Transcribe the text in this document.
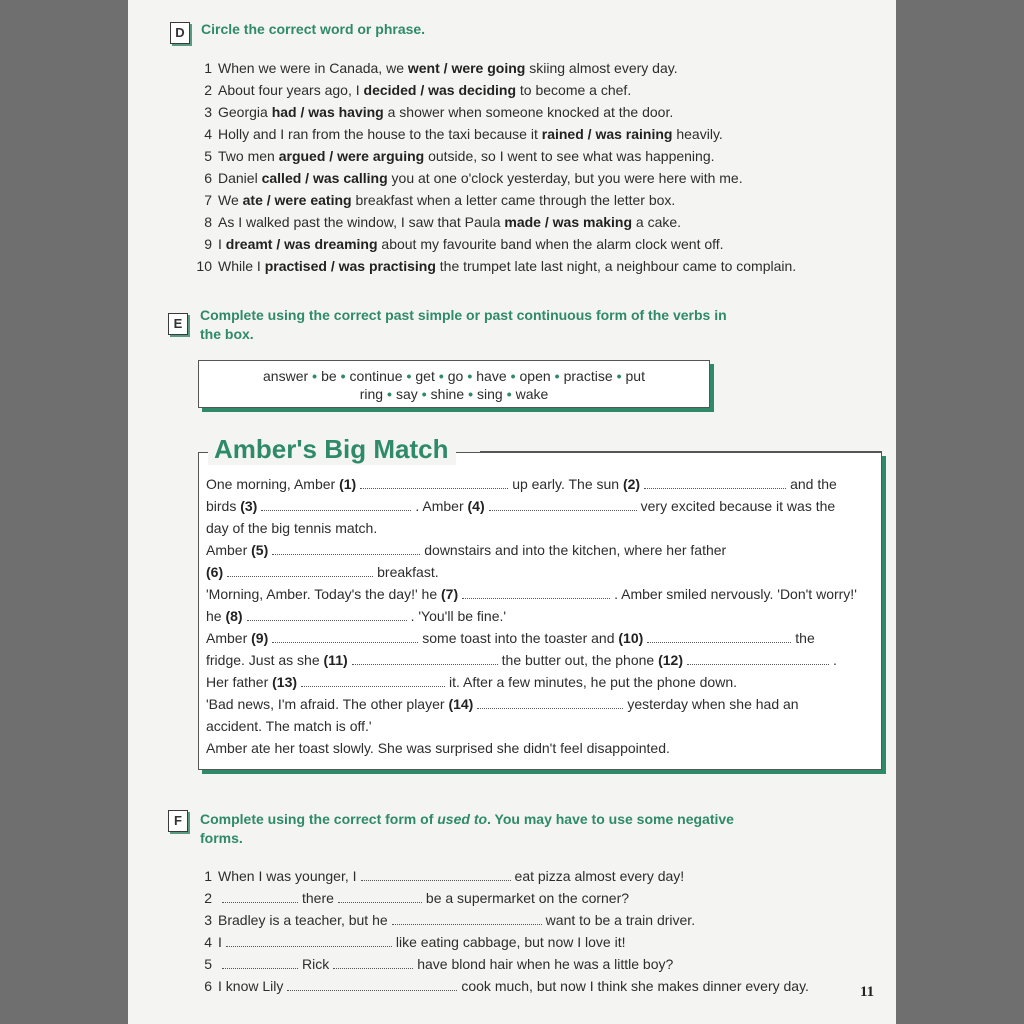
D	Circle the correct word or phrase.
1 When we were in Canada, we went / were going skiing almost every day.
2 About four years ago, I decided / was deciding to become a chef.
3 Georgia had / was having a shower when someone knocked at the door.
4 Holly and I ran from the house to the taxi because it rained / was raining heavily.
5 Two men argued / were arguing outside, so I went to see what was happening.
6 Daniel called / was calling you at one o'clock yesterday, but you were here with me.
7 We ate / were eating breakfast when a letter came through the letter box.
8 As I walked past the window, I saw that Paula made / was making a cake.
9 I dreamt / was dreaming about my favourite band when the alarm clock went off.
10 While I practised / was practising the trumpet late last night, a neighbour came to complain.
E
Complete using the correct past simple or past continuous form of the verbs in
the box.
answer • be • continue • get • go • have • open • practise • put
ring • say • shine • sing • wake
Amber's Big Match
One morning, Amber (1)	up early. The sun (2)	and the
birds (3)	. Amber (4)	very excited because it was the
day of the big tennis match.
Amber (5)	downstairs and into the kitchen, where her father
(6)	breakfast.
'Morning, Amber. Today's the day!' he (7)	. Amber smiled nervously. 'Don't worry!'
he (8)	. 'You'll be fine.'
Amber (9)	some toast into the toaster and (10)	the
fridge. Just as she (11)	the butter out, the phone (12)	.
Her father (13)	it. After a few minutes, he put the phone down.
'Bad news, I'm afraid. The other player (14)	yesterday when she had an
accident. The match is off.'
Amber ate her toast slowly. She was surprised she didn't feel disappointed.
F	Complete using the correct form of used to. You may have to use some negative
forms.
1 When I was younger, I	eat pizza almost every day!
2	there	be a supermarket on the corner?
3 Bradley is a teacher, but he	want to be a train driver.
4 I	like eating cabbage, but now I love it!
5	Rick	have blond hair when he was a little boy?
6 I know Lily	cook much, but now I think she makes dinner every day.	11
